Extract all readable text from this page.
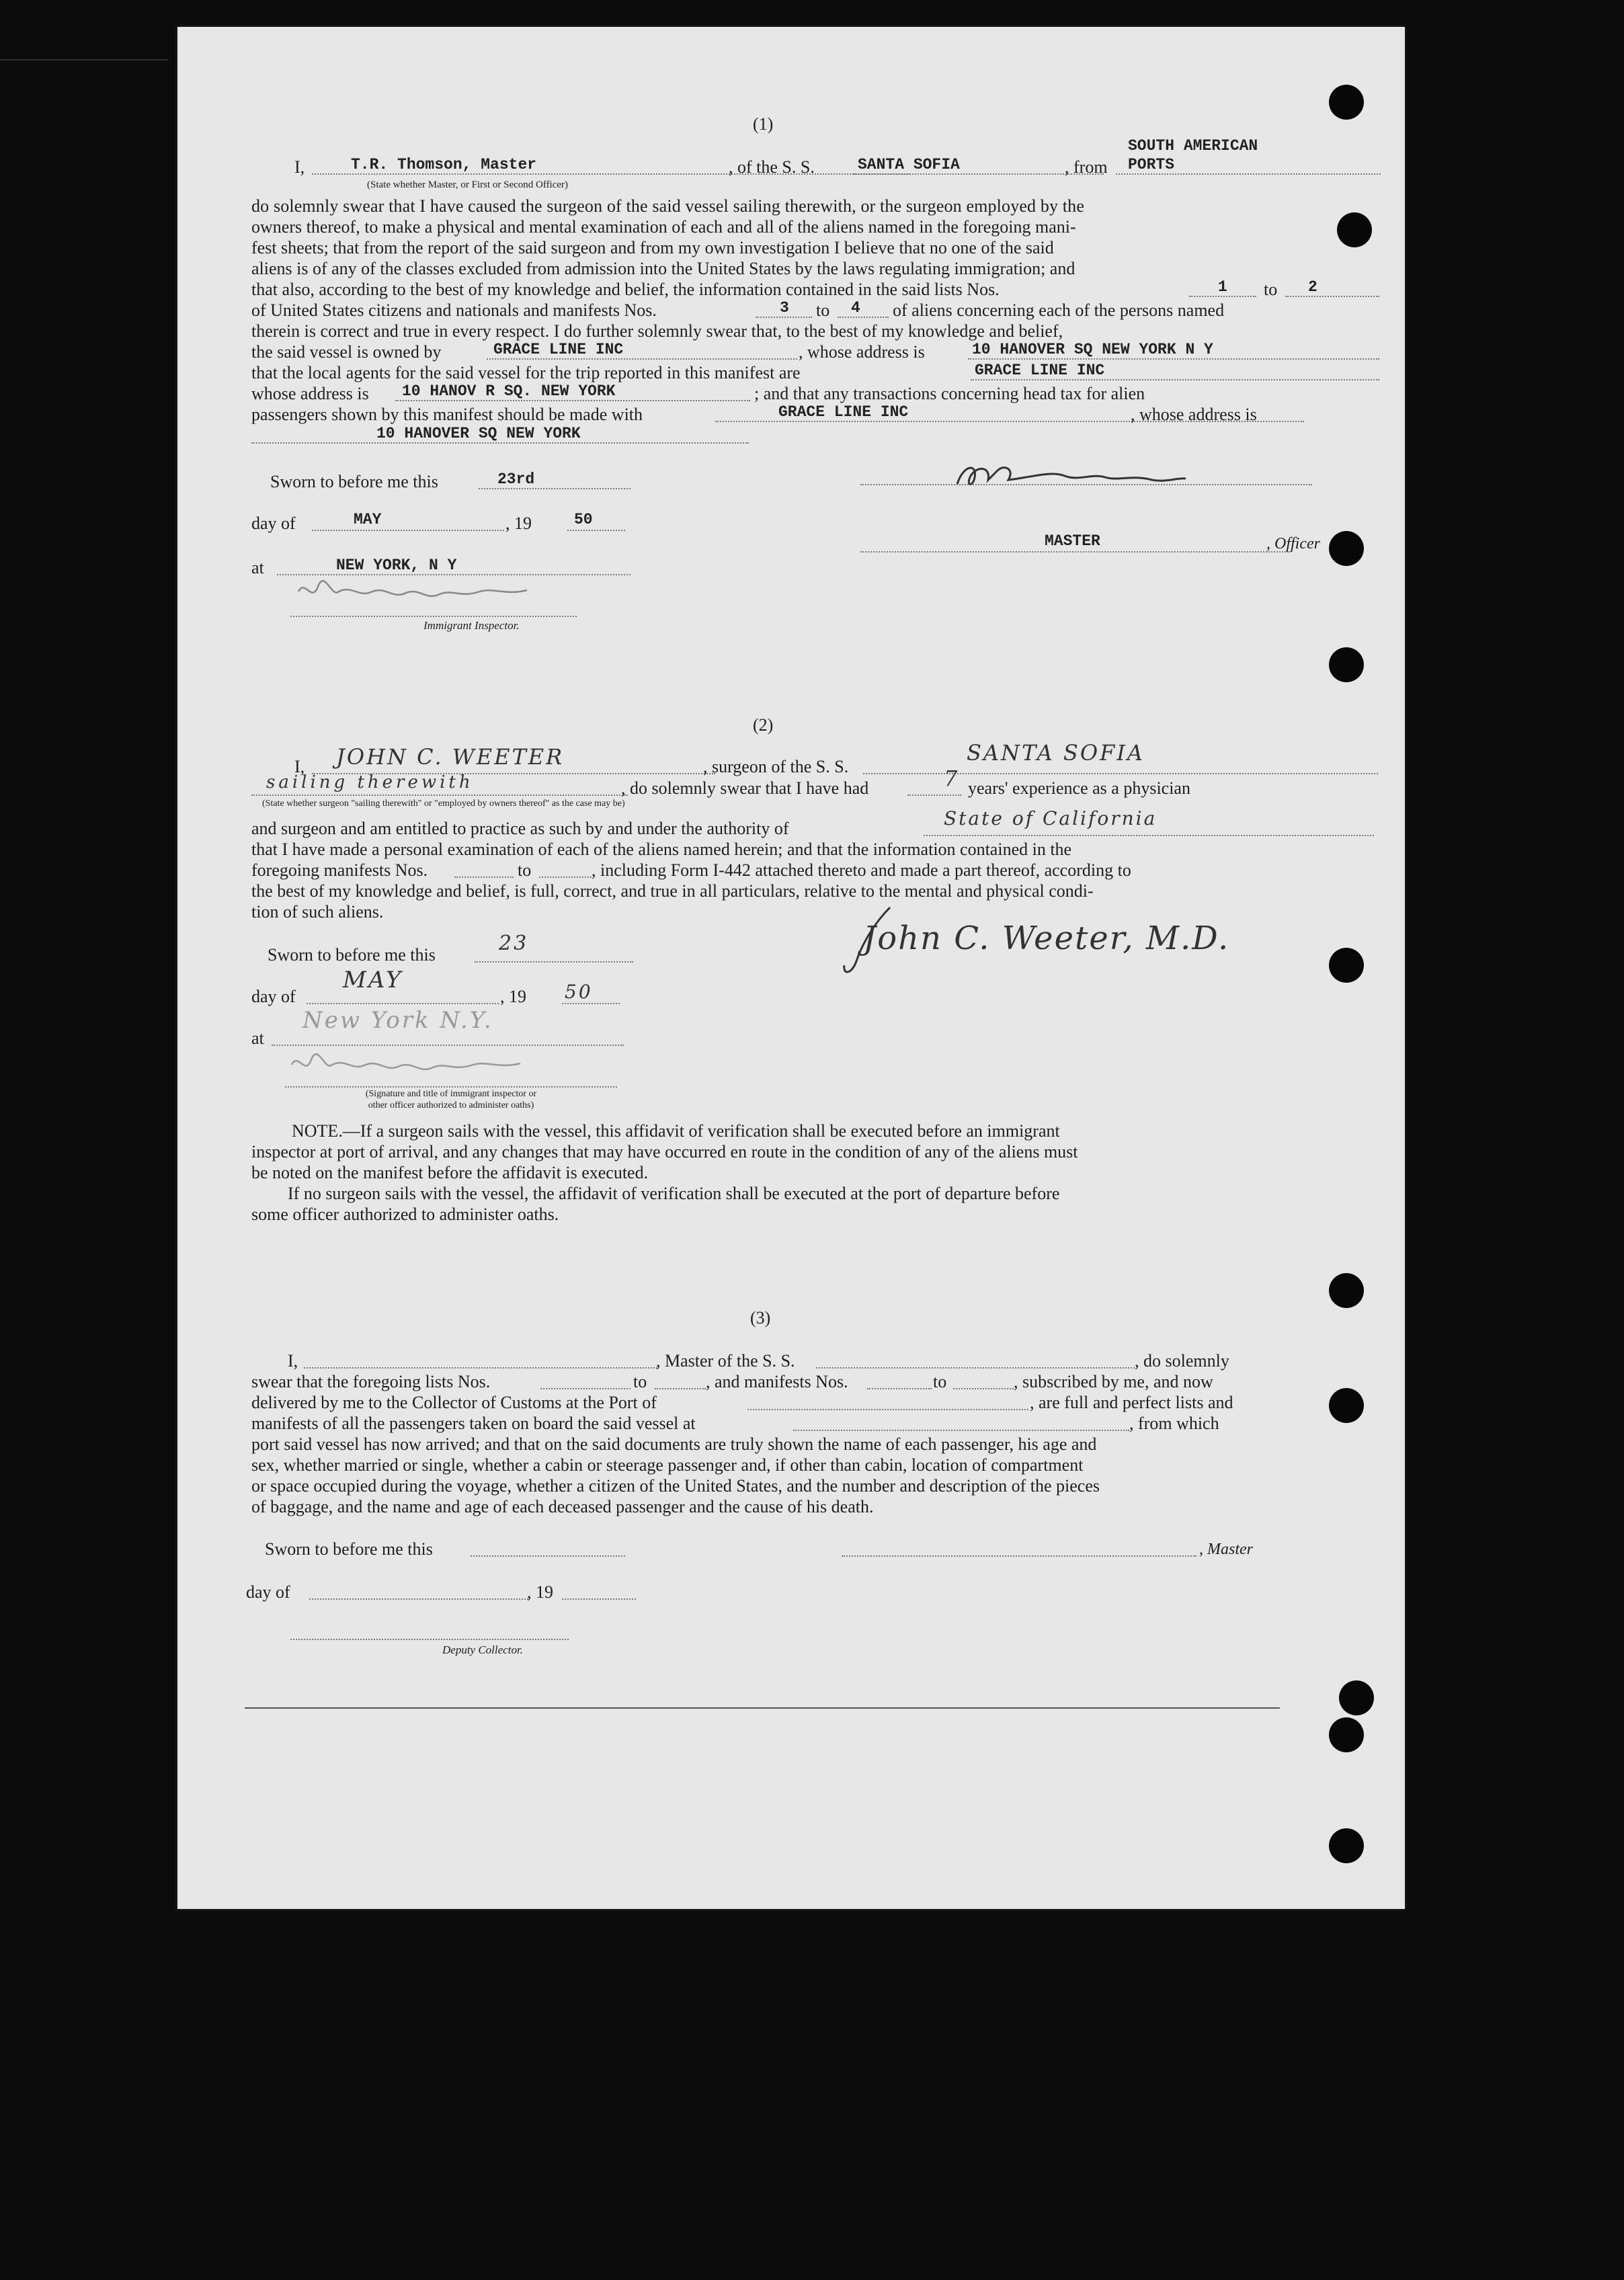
(1)
I,	T.R. Thomson, Master	, of the S. S.	SANTA SOFIA	, from
SOUTH AMERICAN
PORTS
(State whether Master, or First or Second Officer)
do solemnly swear that I have caused the surgeon of the said vessel sailing therewith, or the surgeon employed by the
owners thereof, to make a physical and mental examination of each and all of the aliens named in the foregoing mani-
fest sheets; that from the report of the said surgeon and from my own investigation I believe that no one of the said
aliens is of any of the classes excluded from admission into the United States by the laws regulating immigration; and
that also, according to the best of my knowledge and belief, the information contained in the said lists Nos.	1 to 2
of United States citizens and nationals and manifests Nos.	3 to 4 of aliens concerning each of the persons named
therein is correct and true in every respect. I do further solemnly swear that, to the best of my knowledge and belief,
the said vessel is owned by	GRACE LINE INC	, whose address is	10 HANOVER SQ NEW YORK N Y
that the local agents for the said vessel for the trip reported in this manifest are	GRACE LINE INC
whose address is 10 HANOV R SQ. NEW YORK	; and that any transactions concerning head tax for alien
passengers shown by this manifest should be made with	GRACE LINE INC	, whose address is
10 HANOVER SQ NEW YORK
Sworn to before me this	23rd
day of	MAY	, 19	50
MASTER	, Officer
at	NEW YORK, N Y
Immigrant Inspector.
(2)
I, JOHN C. WEETER	, surgeon of the S. S.
SANTA SOFIA
sailing therewith	, do solemnly swear that I have had	7 years' experience as a physician
(State whether surgeon "sailing therewith" or "employed by owners thereof" as the case may be)
and surgeon and am entitled to practice as such by and under the authority of	State of California
that I have made a personal examination of each of the aliens named herein; and that the information contained in the
foregoing manifests Nos.	to	, including Form I-442 attached thereto and made a part thereof, according to
the best of my knowledge and belief, is full, correct, and true in all particulars, relative to the mental and physical condi-
tion of such aliens.
Sworn to before me this	23	John C. Weeter, M.D.
day of
MAY
, 19 50
at
New York N.Y.
(Signature and title of immigrant inspector or
other officer authorized to administer oaths)
NOTE.—If a surgeon sails with the vessel, this affidavit of verification shall be executed before an immigrant
inspector at port of arrival, and any changes that may have occurred en route in the condition of any of the aliens must
be noted on the manifest before the affidavit is executed.
If no surgeon sails with the vessel, the affidavit of verification shall be executed at the port of departure before
some officer authorized to administer oaths.
(3)
I,	, Master of the S. S.	, do solemnly
swear that the foregoing lists Nos.	to	, and manifests Nos.	to	, subscribed by me, and now
delivered by me to the Collector of Customs at the Port of	, are full and perfect lists and
manifests of all the passengers taken on board the said vessel at	, from which
port said vessel has now arrived; and that on the said documents are truly shown the name of each passenger, his age and
sex, whether married or single, whether a cabin or steerage passenger and, if other than cabin, location of compartment
or space occupied during the voyage, whether a citizen of the United States, and the number and description of the pieces
of baggage, and the name and age of each deceased passenger and the cause of his death.
Sworn to before me this	, Master
day of	, 19
Deputy Collector.
